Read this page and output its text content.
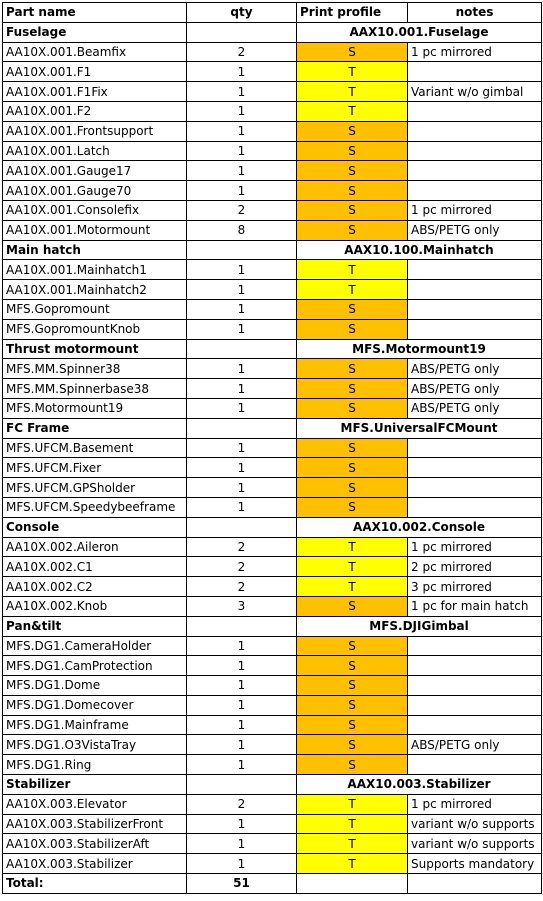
Part name	qty	Print profile	notes
Fuselage		AAX10.001.Fuselage	
AA10X.001.Beamfix	2	S	1 pc mirrored
AA10X.001.F1	1	T	
AA10X.001.F1Fix	1	T	Variant w/o gimbal
AA10X.001.F2	1	T	
AA10X.001.Frontsupport	1	S	
AA10X.001.Latch	1	S	
AA10X.001.Gauge17	1	S	
AA10X.001.Gauge70	1	S	
AA10X.001.Consolefix	2	S	1 pc mirrored
AA10X.001.Motormount	8	S	ABS/PETG only
Main hatch		AAX10.100.Mainhatch	
AA10X.001.Mainhatch1	1	T	
AA10X.001.Mainhatch2	1	T	
MFS.Gopromount	1	S	
MFS.GopromountKnob	1	S	
Thrust motormount		MFS.Motormount19	
MFS.MM.Spinner38	1	S	ABS/PETG only
MFS.MM.Spinnerbase38	1	S	ABS/PETG only
MFS.Motormount19	1	S	ABS/PETG only
FC Frame		MFS.UniversalFCMount	
MFS.UFCM.Basement	1	S	
MFS.UFCM.Fixer	1	S	
MFS.UFCM.GPSholder	1	S	
MFS.UFCM.Speedybeeframe	1	S	
Console		AAX10.002.Console	
AA10X.002.Aileron	2	T	1 pc mirrored
AA10X.002.C1	2	T	2 pc mirrored
AA10X.002.C2	2	T	3 pc mirrored
AA10X.002.Knob	3	S	1 pc for main hatch
Pan&tilt		MFS.DJIGimbal	
MFS.DG1.CameraHolder	1	S	
MFS.DG1.CamProtection	1	S	
MFS.DG1.Dome	1	S	
MFS.DG1.Domecover	1	S	
MFS.DG1.Mainframe	1	S	
MFS.DG1.O3VistaTray	1	S	ABS/PETG only
MFS.DG1.Ring	1	S	
Stabilizer		AAX10.003.Stabilizer	
AA10X.003.Elevator	2	T	1 pc mirrored
AA10X.003.StabilizerFront	1	T	variant w/o supports
AA10X.003.StabilizerAft	1	T	variant w/o supports
AA10X.003.Stabilizer	1	T	Supports mandatory
Total:	51		
